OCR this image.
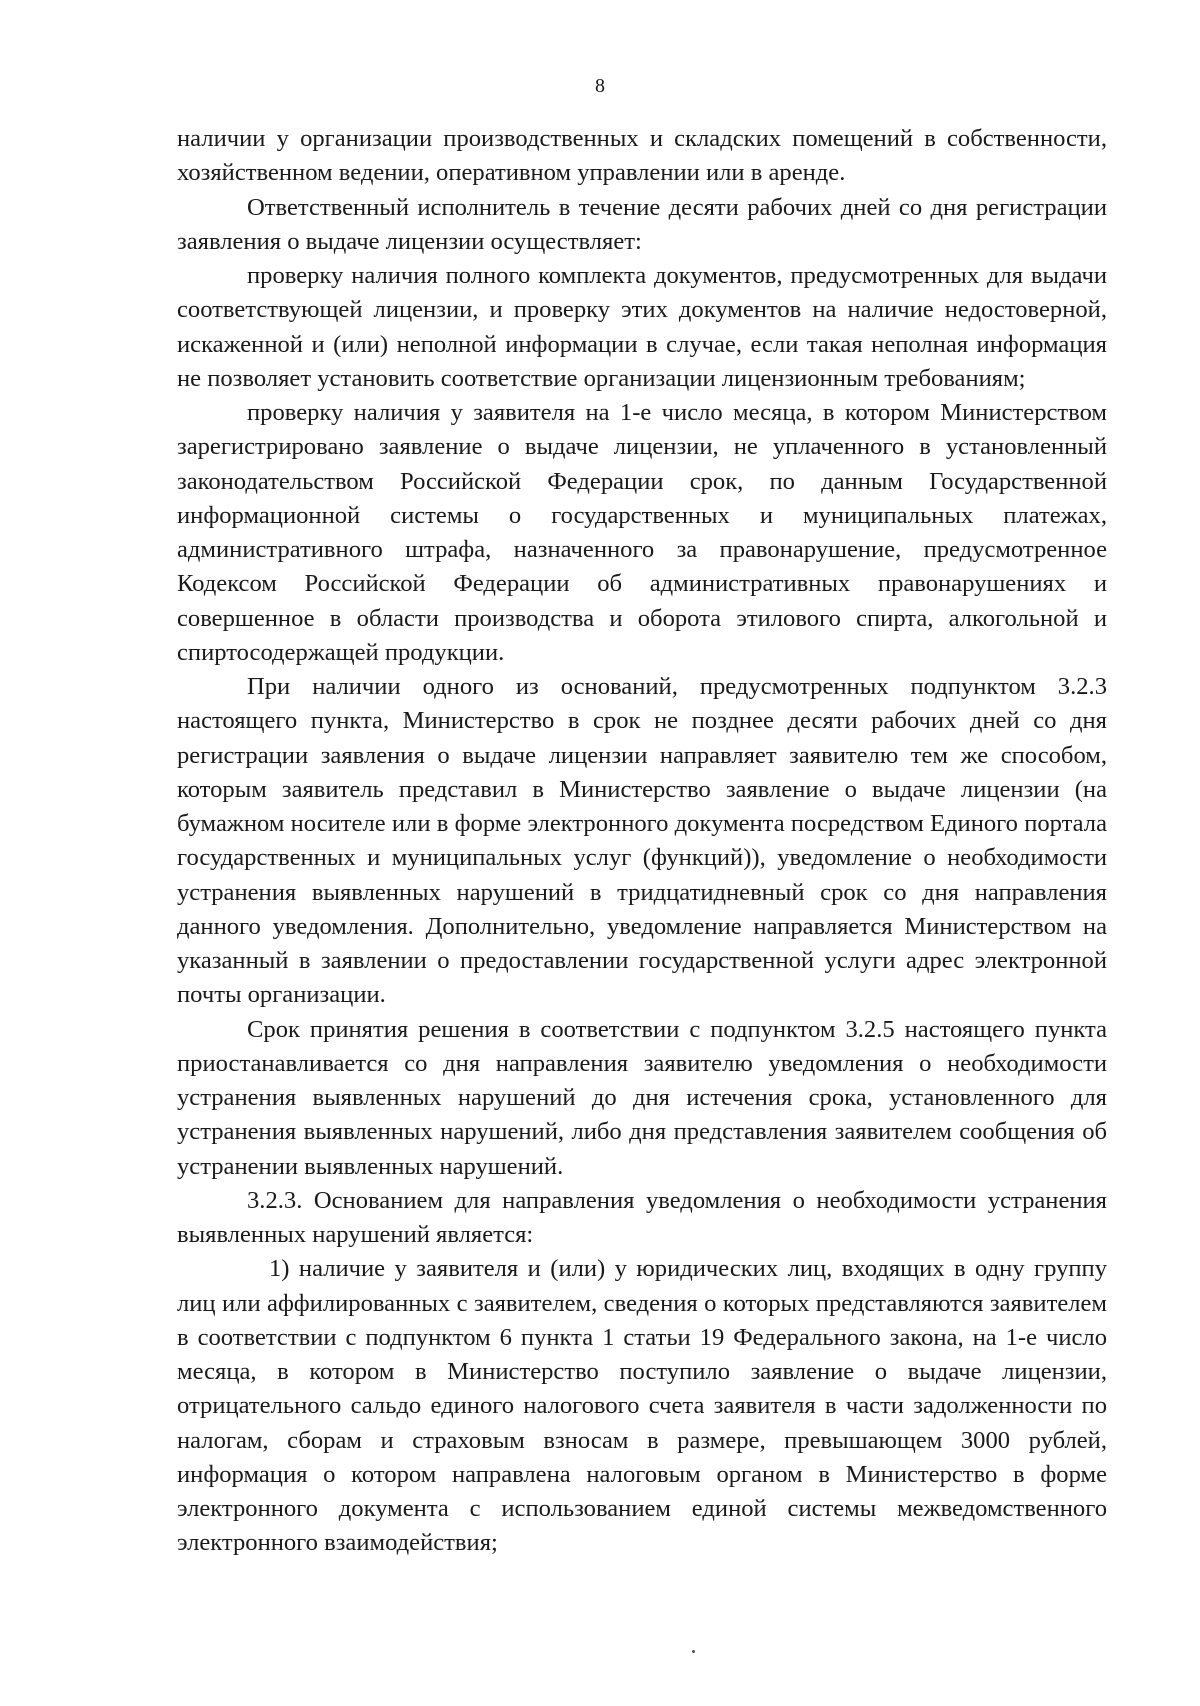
8

наличии у организации производственных и складских помещений в собственности, хозяйственном ведении, оперативном управлении или в аренде.

Ответственный исполнитель в течение десяти рабочих дней со дня регистрации заявления о выдаче лицензии осуществляет:

проверку наличия полного комплекта документов, предусмотренных для выдачи соответствующей лицензии, и проверку этих документов на наличие недостоверной, искаженной и (или) неполной информации в случае, если такая неполная информация не позволяет установить соответствие организации лицензионным требованиям;

проверку наличия у заявителя на 1-е число месяца, в котором Министерством зарегистрировано заявление о выдаче лицензии, не уплаченного в установленный законодательством Российской Федерации срок, по данным Государственной информационной системы о государственных и муниципальных платежах, административного штрафа, назначенного за правонарушение, предусмотренное Кодексом Российской Федерации об административных правонарушениях и совершенное в области производства и оборота этилового спирта, алкогольной и спиртосодержащей продукции.

При наличии одного из оснований, предусмотренных подпунктом 3.2.3 настоящего пункта, Министерство в срок не позднее десяти рабочих дней со дня регистрации заявления о выдаче лицензии направляет заявителю тем же способом, которым заявитель представил в Министерство заявление о выдаче лицензии (на бумажном носителе или в форме электронного документа посредством Единого портала государственных и муниципальных услуг (функций)), уведомление о необходимости устранения выявленных нарушений в тридцатидневный срок со дня направления данного уведомления. Дополнительно, уведомление направляется Министерством на указанный в заявлении о предоставлении государственной услуги адрес электронной почты организации.

Срок принятия решения в соответствии с подпунктом 3.2.5 настоящего пункта приостанавливается со дня направления заявителю уведомления о необходимости устранения выявленных нарушений до дня истечения срока, установленного для устранения выявленных нарушений, либо дня представления заявителем сообщения об устранении выявленных нарушений.

3.2.3. Основанием для направления уведомления о необходимости устранения выявленных нарушений является:

1) наличие у заявителя и (или) у юридических лиц, входящих в одну группу лиц или аффилированных с заявителем, сведения о которых представляются заявителем в соответствии с подпунктом 6 пункта 1 статьи 19 Федерального закона, на 1-е число месяца, в котором в Министерство поступило заявление о выдаче лицензии, отрицательного сальдо единого налогового счета заявителя в части задолженности по налогам, сборам и страховым взносам в размере, превышающем 3000 рублей, информация о котором направлена налоговым органом в Министерство в форме электронного документа с использованием единой системы межведомственного электронного взаимодействия;
